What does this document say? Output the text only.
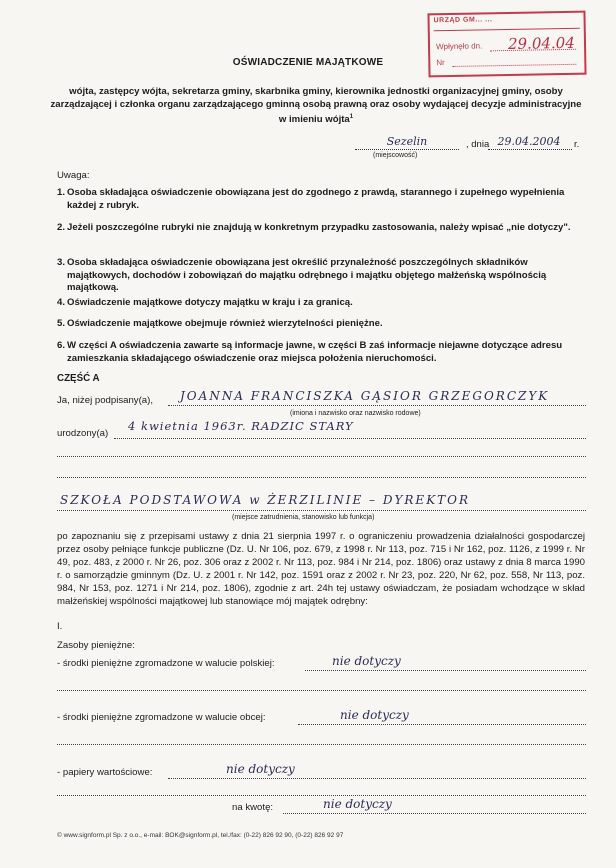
URZĄD GM... ...
Wpłynęło dn. 29.04.04
Nr
OŚWIADCZENIE MAJĄTKOWE
wójta, zastępcy wójta, sekretarza gminy, skarbnika gminy, kierownika jednostki organizacyjnej gminy, osoby zarządzającej i członka organu zarządzającego gminną osobą prawną oraz osoby wydającej decyzje administracyjne w imieniu wójta$^1$
Sezelin
(miejscowość)
, dnia 29.04.2004	r.
Uwaga:
1. Osoba składająca oświadczenie obowiązana jest do zgodnego z prawdą, starannego i zupełnego wypełnienia każdej z rubryk.
2. Jeżeli poszczególne rubryki nie znajdują w konkretnym przypadku zastosowania, należy wpisać „nie dotyczy".
3. Osoba składająca oświadczenie obowiązana jest określić przynależność poszczególnych składników majątkowych, dochodów i zobowiązań do majątku odrębnego i majątku objętego małżeńską wspólnością majątkową.
4. Oświadczenie majątkowe dotyczy majątku w kraju i za granicą.
5. Oświadczenie majątkowe obejmuje również wierzytelności pieniężne.
6. W części A oświadczenia zawarte są informacje jawne, w części B zaś informacje niejawne dotyczące adresu zamieszkania składającego oświadczenie oraz miejsca położenia nieruchomości.
CZĘŚĆ A
Ja, niżej podpisany(a), JOANNA FRANCISZKA GĄSIOR GRZEGORCZYK
(imiona i nazwisko oraz nazwisko rodowe)
urodzony(a)
4 kwietnia 1963r. RADZIC STARY
SZKOŁA PODSTAWOWA w ŻERZILINIE – DYREKTOR
(miejsce zatrudnienia, stanowisko lub funkcja)
po zapoznaniu się z przepisami ustawy z dnia 21 sierpnia 1997 r. o ograniczeniu prowadzenia działalności gospodarczej przez osoby pełniące funkcje publiczne (Dz. U. Nr 106, poz. 679, z 1998 r. Nr 113, poz. 715 i Nr 162, poz. 1126, z 1999 r. Nr 49, poz. 483, z 2000 r. Nr 26, poz. 306 oraz z 2002 r. Nr 113, poz. 984 i Nr 214, poz. 1806) oraz ustawy z dnia 8 marca 1990 r. o samorządzie gminnym (Dz. U. z 2001 r. Nr 142, poz. 1591 oraz z 2002 r. Nr 23, poz. 220, Nr 62, poz. 558, Nr 113, poz. 984, Nr 153, poz. 1271 i Nr 214, poz. 1806), zgodnie z art. 24h tej ustawy oświadczam, że posiadam wchodzące w skład małżeńskiej wspólności majątkowej lub stanowiące mój majątek odrębny:
I.
Zasoby pieniężne:
- środki pieniężne zgromadzone w walucie polskiej:	nie dotyczy
- środki pieniężne zgromadzone w walucie obcej:	nie dotyczy
- papiery wartościowe:	nie dotyczy
na kwotę:	nie dotyczy
© www.signform.pl Sp. z o.o., e-mail: BOK@signform.pl, tel./fax: (0-22) 826 92 90, (0-22) 826 92 97
